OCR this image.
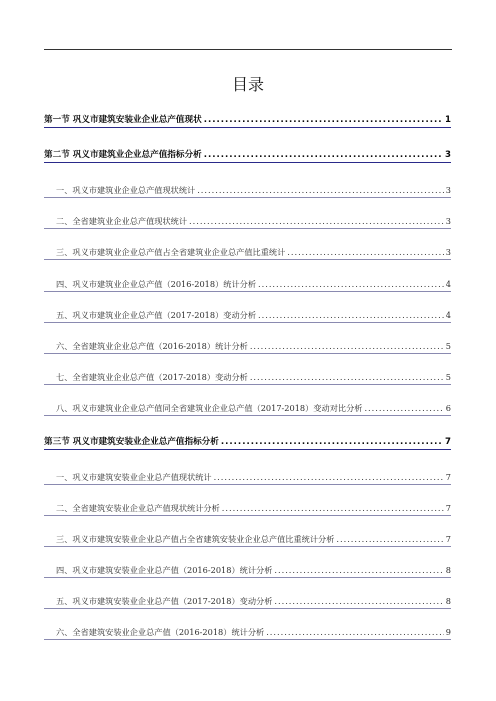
目录
第一节 巩义市建筑安装业企业总产值现状 .....	1
第二节 巩义市建筑业企业总产值指标分析 .....	3
一、巩义市建筑业企业总产值现状统计 .....	3
二、全省建筑业企业总产值现状统计 .....	3
三、巩义市建筑业企业总产值占全省建筑业企业总产值比重统计 .....	3
四、巩义市建筑业企业总产值（2016-2018）统计分析 .....	4
五、巩义市建筑业企业总产值（2017-2018）变动分析 .....	4
六、全省建筑业企业总产值（2016-2018）统计分析 .....	5
七、全省建筑业企业总产值（2017-2018）变动分析 .....	5
八、巩义市建筑业企业总产值同全省建筑业企业总产值（2017-2018）变动对比分析 .....	6
第三节 巩义市建筑安装业企业总产值指标分析 .....	7
一、巩义市建筑安装业企业总产值现状统计 .....	7
二、全省建筑安装业企业总产值现状统计分析 .....	7
三、巩义市建筑安装业企业总产值占全省建筑安装业企业总产值比重统计分析 .....	7
四、巩义市建筑安装业企业总产值（2016-2018）统计分析 .....	8
五、巩义市建筑安装业企业总产值（2017-2018）变动分析 .....	8
六、全省建筑安装业企业总产值（2016-2018）统计分析 .....	9
